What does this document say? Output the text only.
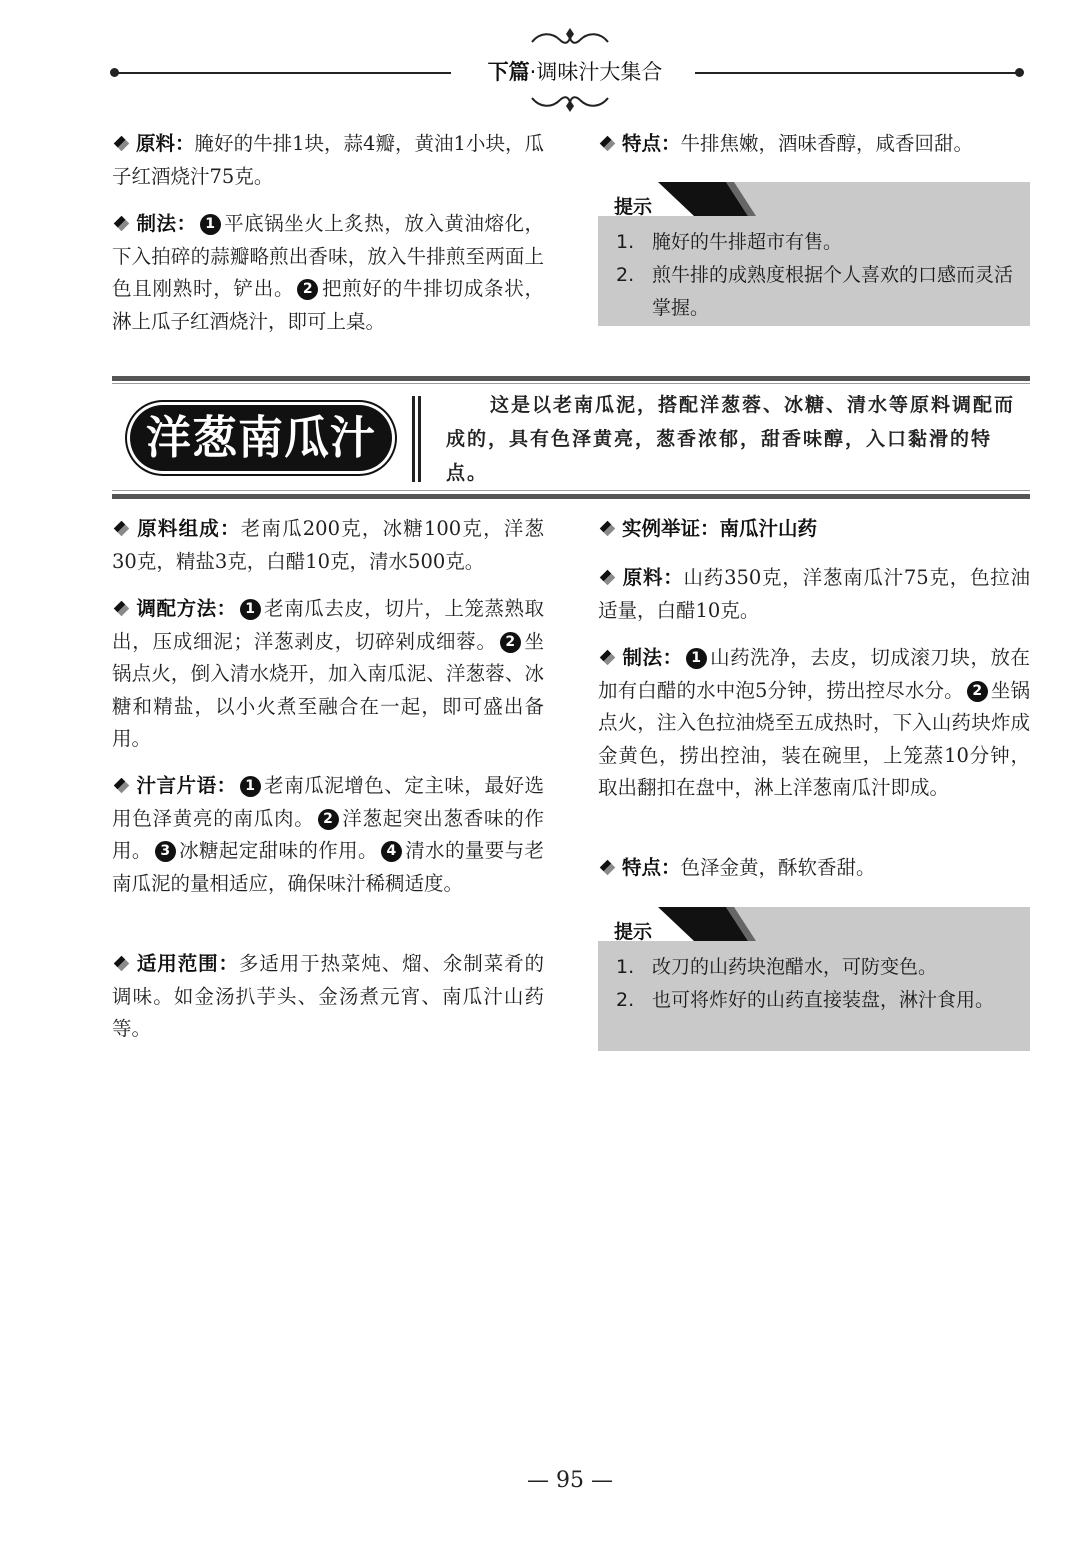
下篇·调味汁大集合
原料：腌好的牛排1块，蒜4瓣，黄油1小块，瓜子红酒烧汁75克。
制法： 1 平底锅坐火上炙热，放入黄油熔化，下入拍碎的蒜瓣略煎出香味，放入牛排煎至两面上色且刚熟时，铲出。 2 把煎好的牛排切成条状，淋上瓜子红酒烧汁，即可上桌。
特点：牛排焦嫩，酒味香醇，咸香回甜。
提示
1. 腌好的牛排超市有售。
2. 煎牛排的成熟度根据个人喜欢的口感而灵活掌握。
洋葱南瓜汁
这是以老南瓜泥，搭配洋葱蓉、冰糖、清水等原料调配而成的，具有色泽黄亮，葱香浓郁，甜香味醇，入口黏滑的特点。
原料组成：老南瓜200克，冰糖100克，洋葱30克，精盐3克，白醋10克，清水500克。
调配方法： 1 老南瓜去皮，切片，上笼蒸熟取出，压成细泥；洋葱剥皮，切碎剁成细蓉。 2 坐锅点火，倒入清水烧开，加入南瓜泥、洋葱蓉、冰糖和精盐，以小火煮至融合在一起，即可盛出备用。
汁言片语： 1 老南瓜泥增色、定主味，最好选用色泽黄亮的南瓜肉。 2 洋葱起突出葱香味的作用。 3 冰糖起定甜味的作用。 4 清水的量要与老南瓜泥的量相适应，确保味汁稀稠适度。
适用范围：多适用于热菜炖、熘、氽制菜肴的调味。如金汤扒芋头、金汤煮元宵、南瓜汁山药等。
实例举证：南瓜汁山药
原料：山药350克，洋葱南瓜汁75克，色拉油适量，白醋10克。
制法： 1 山药洗净，去皮，切成滚刀块，放在加有白醋的水中泡5分钟，捞出控尽水分。 2 坐锅点火，注入色拉油烧至五成热时，下入山药块炸成金黄色，捞出控油，装在碗里，上笼蒸10分钟，取出翻扣在盘中，淋上洋葱南瓜汁即成。
特点：色泽金黄，酥软香甜。
提示
1. 改刀的山药块泡醋水，可防变色。
2. 也可将炸好的山药直接装盘，淋汁食用。
— 95 —
